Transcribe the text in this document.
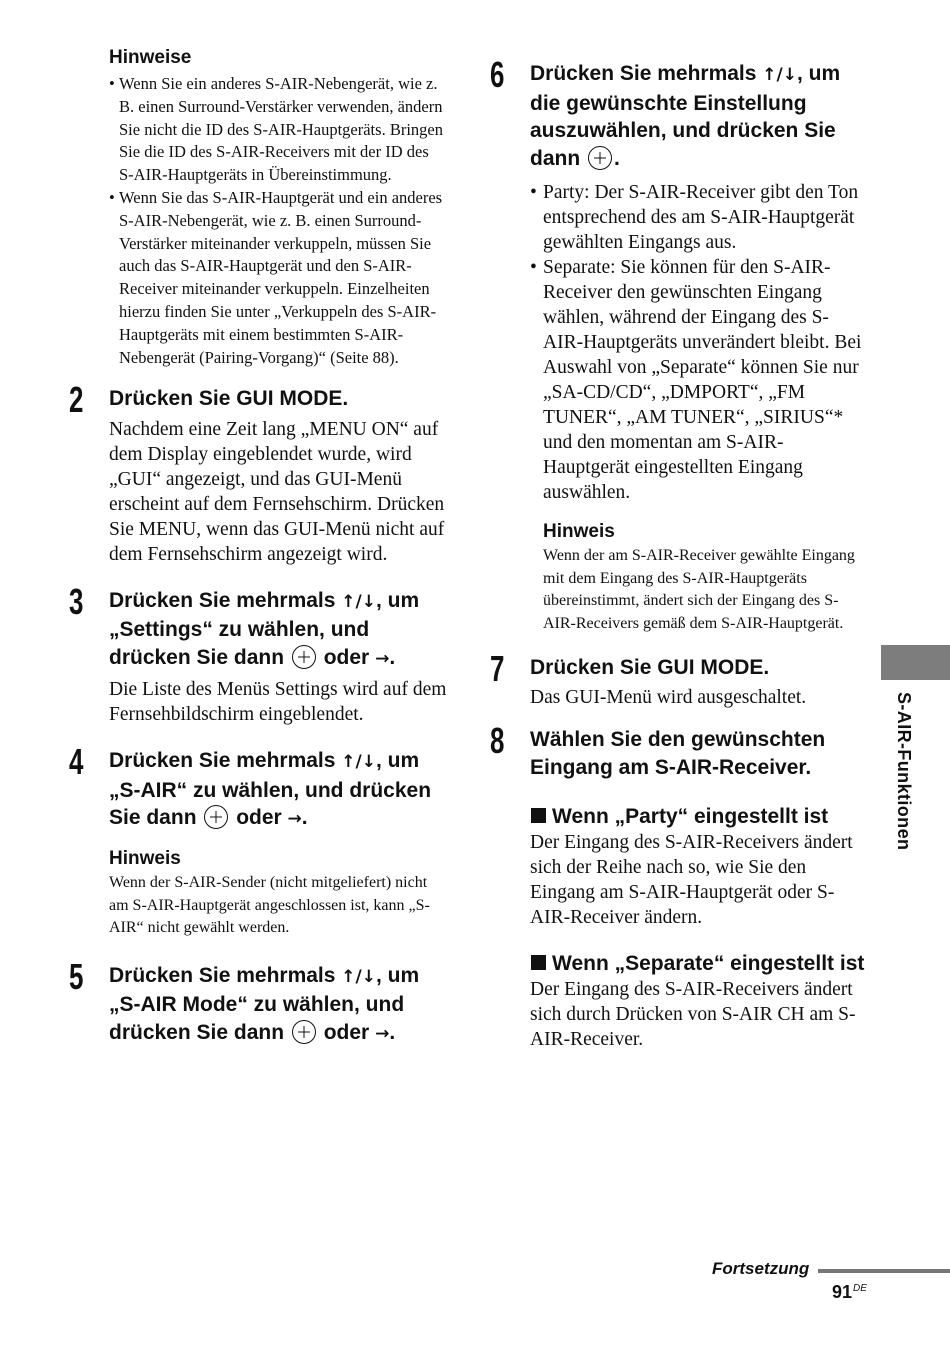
Hinweise

• Wenn Sie ein anderes S-AIR-Nebengerät, wie z. B. einen Surround-Verstärker verwenden, ändern Sie nicht die ID des S-AIR-Hauptgeräts. Bringen Sie die ID des S-AIR-Receivers mit der ID des S-AIR-Hauptgeräts in Übereinstimmung.
• Wenn Sie das S-AIR-Hauptgerät und ein anderes S-AIR-Nebengerät, wie z. B. einen Surround-Verstärker miteinander verkuppeln, müssen Sie auch das S-AIR-Hauptgerät und den S-AIR-Receiver miteinander verkuppeln. Einzelheiten hierzu finden Sie unter „Verkuppeln des S-AIR-Hauptgeräts mit einem bestimmten S-AIR-Nebengerät (Pairing-Vorgang)“ (Seite 88).
2 Drücken Sie GUI MODE.

Nachdem eine Zeit lang „MENU ON“ auf dem Display eingeblendet wurde, wird „GUI“ angezeigt, und das GUI-Menü erscheint auf dem Fernsehschirm. Drücken Sie MENU, wenn das GUI-Menü nicht auf dem Fernsehschirm angezeigt wird.

3 Drücken Sie mehrmals ↑/↓, um „Settings“ zu wählen, und drücken Sie dann  oder →.

Die Liste des Menüs Settings wird auf dem Fernsehbildschirm eingeblendet.

4 Drücken Sie mehrmals ↑/↓, um „S-AIR“ zu wählen, und drücken Sie dann  oder →.

Hinweis

Wenn der S-AIR-Sender (nicht mitgeliefert) nicht am S-AIR-Hauptgerät angeschlossen ist, kann „S-AIR“ nicht gewählt werden.

5 Drücken Sie mehrmals ↑/↓, um „S-AIR Mode“ zu wählen, und drücken Sie dann  oder →.

6 Drücken Sie mehrmals ↑/↓, um die gewünschte Einstellung auszuwählen, und drücken Sie dann .

• Party: Der S-AIR-Receiver gibt den Ton entsprechend des am S-AIR-Hauptgerät gewählten Eingangs aus.
• Separate: Sie können für den S-AIR-Receiver den gewünschten Eingang wählen, während der Eingang des S-AIR-Hauptgeräts unverändert bleibt. Bei Auswahl von „Separate“ können Sie nur „SA-CD/CD“, „DMPORT“, „FM TUNER“, „AM TUNER“, „SIRIUS“* und den momentan am S-AIR-Hauptgerät eingestellten Eingang auswählen.

Hinweis

Wenn der am S-AIR-Receiver gewählte Eingang mit dem Eingang des S-AIR-Hauptgeräts übereinstimmt, ändert sich der Eingang des S-AIR-Receivers gemäß dem S-AIR-Hauptgerät.

7 Drücken Sie GUI MODE.

Das GUI-Menü wird ausgeschaltet.

8 Wählen Sie den gewünschten Eingang am S-AIR-Receiver.

Wenn „Party“ eingestellt ist

Der Eingang des S-AIR-Receivers ändert sich der Reihe nach so, wie Sie den Eingang am S-AIR-Hauptgerät oder S-AIR-Receiver ändern.

Wenn „Separate“ eingestellt ist

Der Eingang des S-AIR-Receivers ändert sich durch Drücken von S-AIR CH am S-AIR-Receiver.

S-AIR-Funktionen
Fortsetzung
91DE
